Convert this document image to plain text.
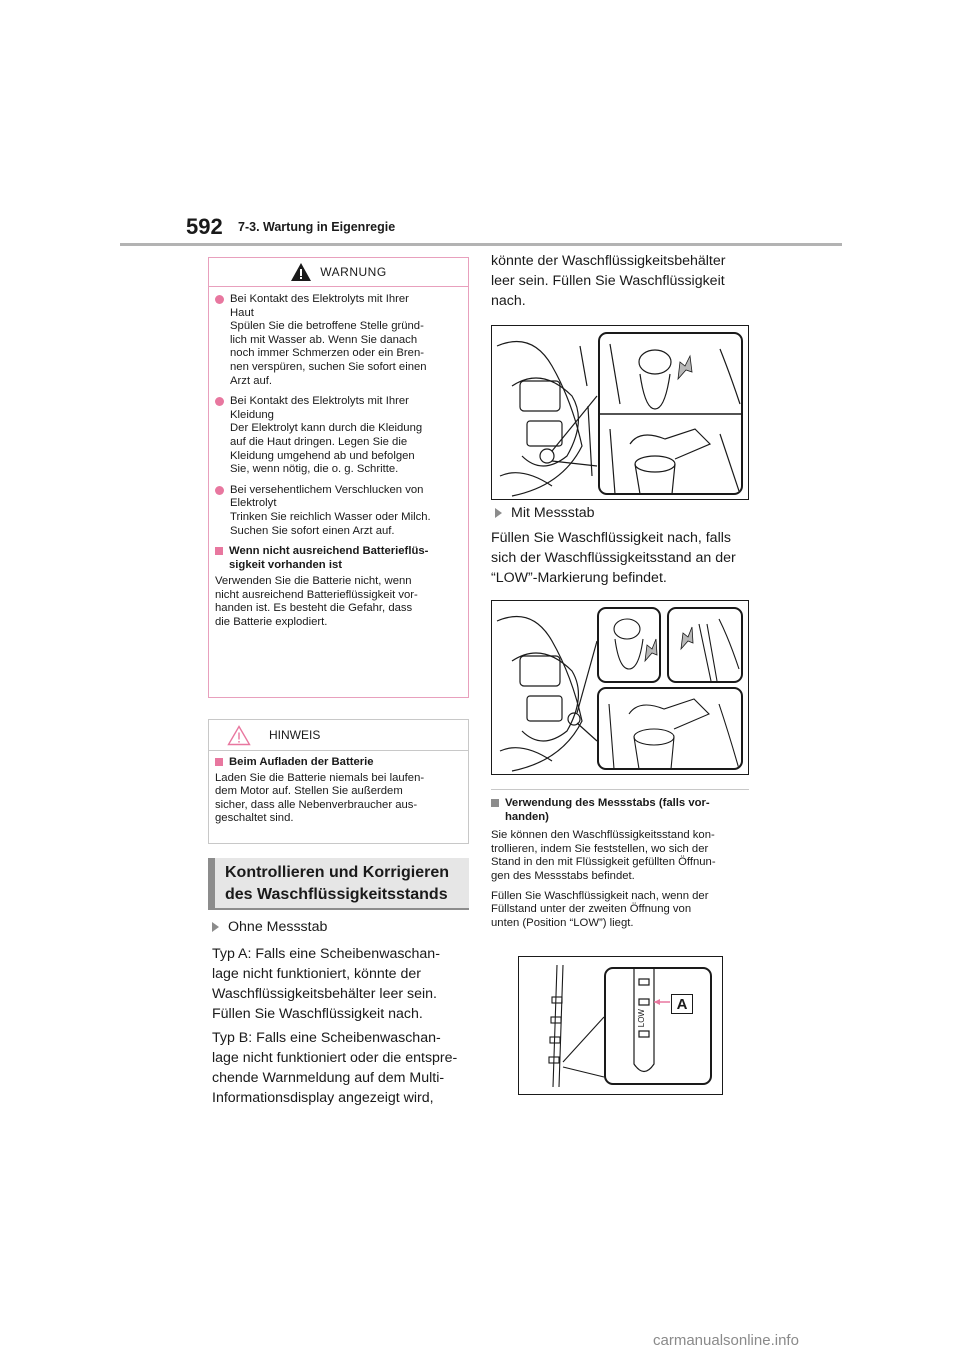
592 7-3. Wartung in Eigenregie
WARNUNG
Bei Kontakt des Elektrolyts mit Ihrer
Haut
Spülen Sie die betroffene Stelle gründ-
lich mit Wasser ab. Wenn Sie danach
noch immer Schmerzen oder ein Bren-
nen verspüren, suchen Sie sofort einen
Arzt auf.
Bei Kontakt des Elektrolyts mit Ihrer
Kleidung
Der Elektrolyt kann durch die Kleidung
auf die Haut dringen. Legen Sie die
Kleidung umgehend ab und befolgen
Sie, wenn nötig, die o. g. Schritte.
Bei versehentlichem Verschlucken von
Elektrolyt
Trinken Sie reichlich Wasser oder Milch.
Suchen Sie sofort einen Arzt auf.
Wenn nicht ausreichend Batterieflüs-
sigkeit vorhanden ist
Verwenden Sie die Batterie nicht, wenn
nicht ausreichend Batterieflüssigkeit vor-
handen ist. Es besteht die Gefahr, dass
die Batterie explodiert.
HINWEIS
Beim Aufladen der Batterie
Laden Sie die Batterie niemals bei laufen-
dem Motor auf. Stellen Sie außerdem
sicher, dass alle Nebenverbraucher aus-
geschaltet sind.
Kontrollieren und Korrigieren
des Waschflüssigkeitsstands
Ohne Messstab
Typ A: Falls eine Scheibenwaschan-
lage nicht funktioniert, könnte der
Waschflüssigkeitsbehälter leer sein.
Füllen Sie Waschflüssigkeit nach.
Typ B: Falls eine Scheibenwaschan-
lage nicht funktioniert oder die entspre-
chende Warnmeldung auf dem Multi-
Informationsdisplay angezeigt wird,
könnte der Waschflüssigkeitsbehälter
leer sein. Füllen Sie Waschflüssigkeit
nach.
Mit Messstab
Füllen Sie Waschflüssigkeit nach, falls
sich der Waschflüssigkeitsstand an der
“LOW”-Markierung befindet.
Verwendung des Messstabs (falls vor-
handen)
Sie können den Waschflüssigkeitsstand kon-
trollieren, indem Sie feststellen, wo sich der
Stand in den mit Flüssigkeit gefüllten Öffnun-
gen des Messstabs befindet.
Füllen Sie Waschflüssigkeit nach, wenn der
Füllstand unter der zweiten Öffnung von
unten (Position “LOW”) liegt.
LOW
A
carmanualsonline.info
